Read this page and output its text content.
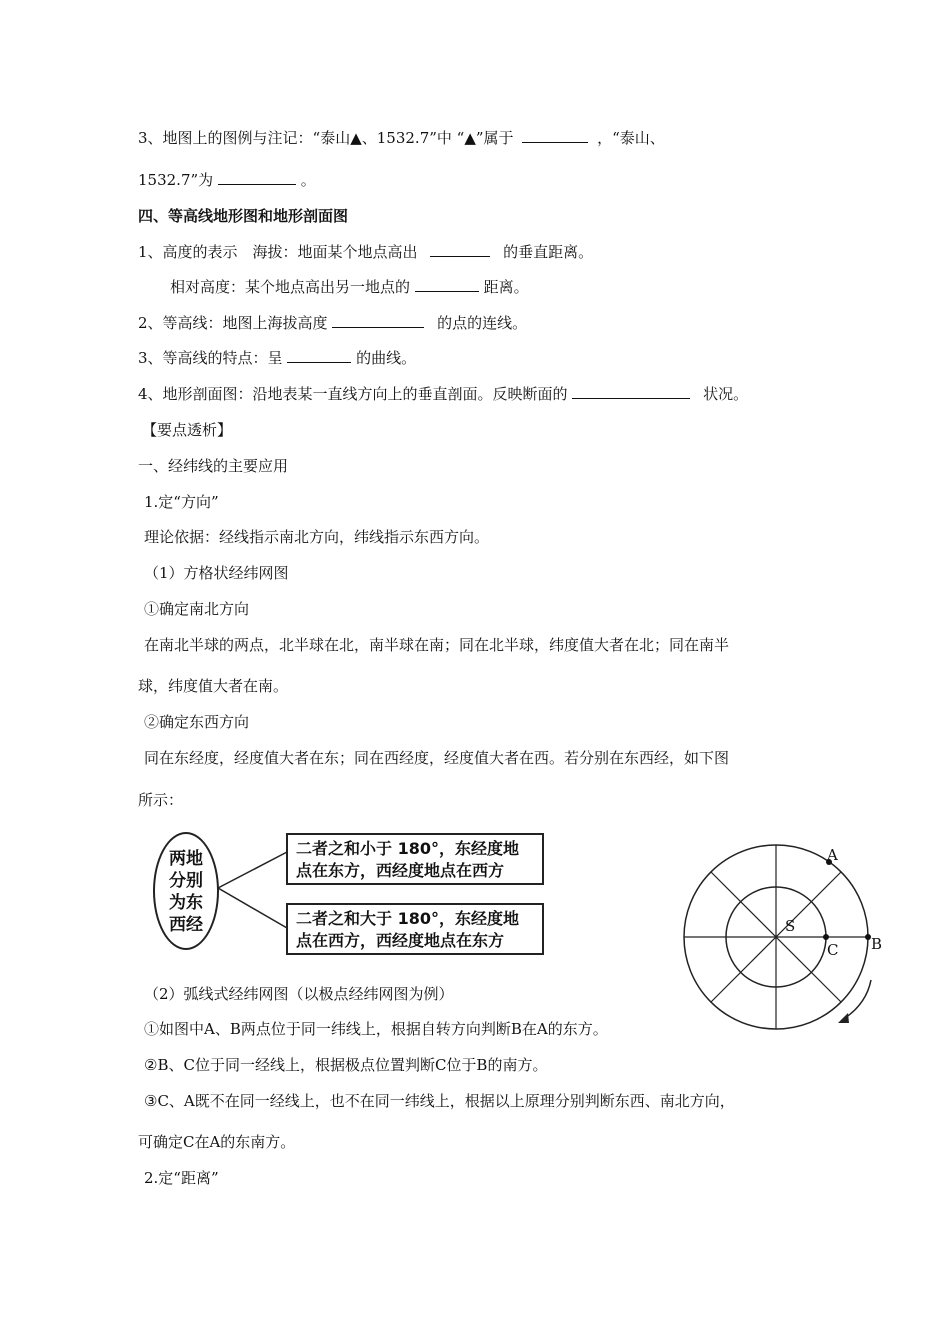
3、地图上的图例与注记：“泰山▲、1532.7”中 “▲”属于	，“泰山、
1532.7”为	。
四、等高线地形图和地形剖面图
1、高度的表示　海拔：地面某个地点高出	的垂直距离。
相对高度：某个地点高出另一地点的	距离。
2、等高线：地图上海拔高度	的点的连线。
3、等高线的特点：呈	的曲线。
4、地形剖面图：沿地表某一直线方向上的垂直剖面。反映断面的	状况。
【要点透析】
一、经纬线的主要应用
1.定“方向”
理论依据：经线指示南北方向，纬线指示东西方向。
（1）方格状经纬网图
①确定南北方向
在南北半球的两点，北半球在北，南半球在南；同在北半球，纬度值大者在北；同在南半
球，纬度值大者在南。
②确定东西方向
同在东经度，经度值大者在东；同在西经度，经度值大者在西。若分别在东西经，如下图
所示：
两地
分别
为东
西经
二者之和小于 180°，东经度地
点在东方，西经度地点在西方
二者之和大于 180°，东经度地
点在西方，西经度地点在东方
A
B
C
S
（2）弧线式经纬网图（以极点经纬网图为例）
①如图中A、B两点位于同一纬线上，根据自转方向判断B在A的东方。
②B、C位于同一经线上，根据极点位置判断C位于B的南方。
③C、A既不在同一经线上，也不在同一纬线上，根据以上原理分别判断东西、南北方向，
可确定C在A的东南方。
2.定“距离”
